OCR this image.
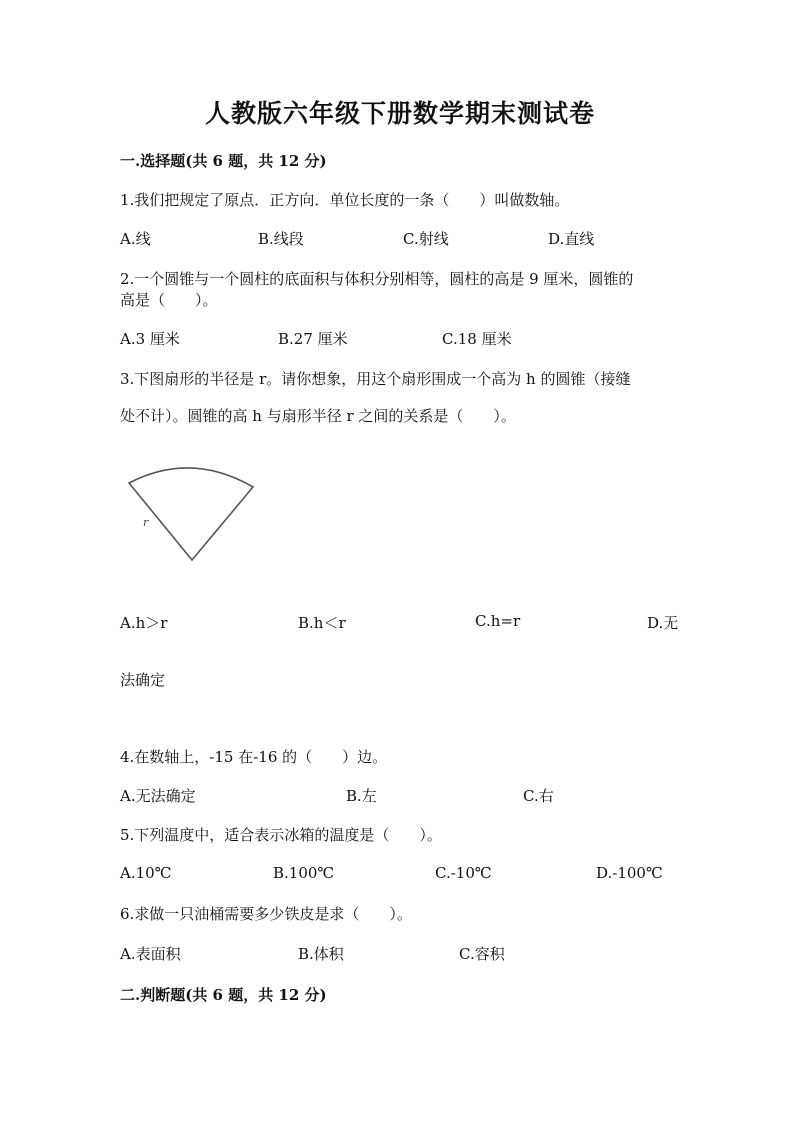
人教版六年级下册数学期末测试卷
一.选择题(共 6 题，共 12 分)
1.我们把规定了原点．正方向．单位长度的一条（　　）叫做数轴。
A.线	B.线段	C.射线	D.直线
2.一个圆锥与一个圆柱的底面积与体积分别相等，圆柱的高是 9 厘米，圆锥的
高是（　　）。
A.3 厘米	B.27 厘米	C.18 厘米
3.下图扇形的半径是 r。请你想象，用这个扇形围成一个高为 h 的圆锥（接缝
处不计）。圆锥的高 h 与扇形半径 r 之间的关系是（　　）。
r
A.h＞r	B.h＜r	C.h=r	D.无
法确定
4.在数轴上，-15 在-16 的（　　）边。
A.无法确定	B.左	C.右
5.下列温度中，适合表示冰箱的温度是（　　）。
A.10℃	B.100℃	C.-10℃	D.-100℃
6.求做一只油桶需要多少铁皮是求（　　）。
A.表面积	B.体积	C.容积
二.判断题(共 6 题，共 12 分)
